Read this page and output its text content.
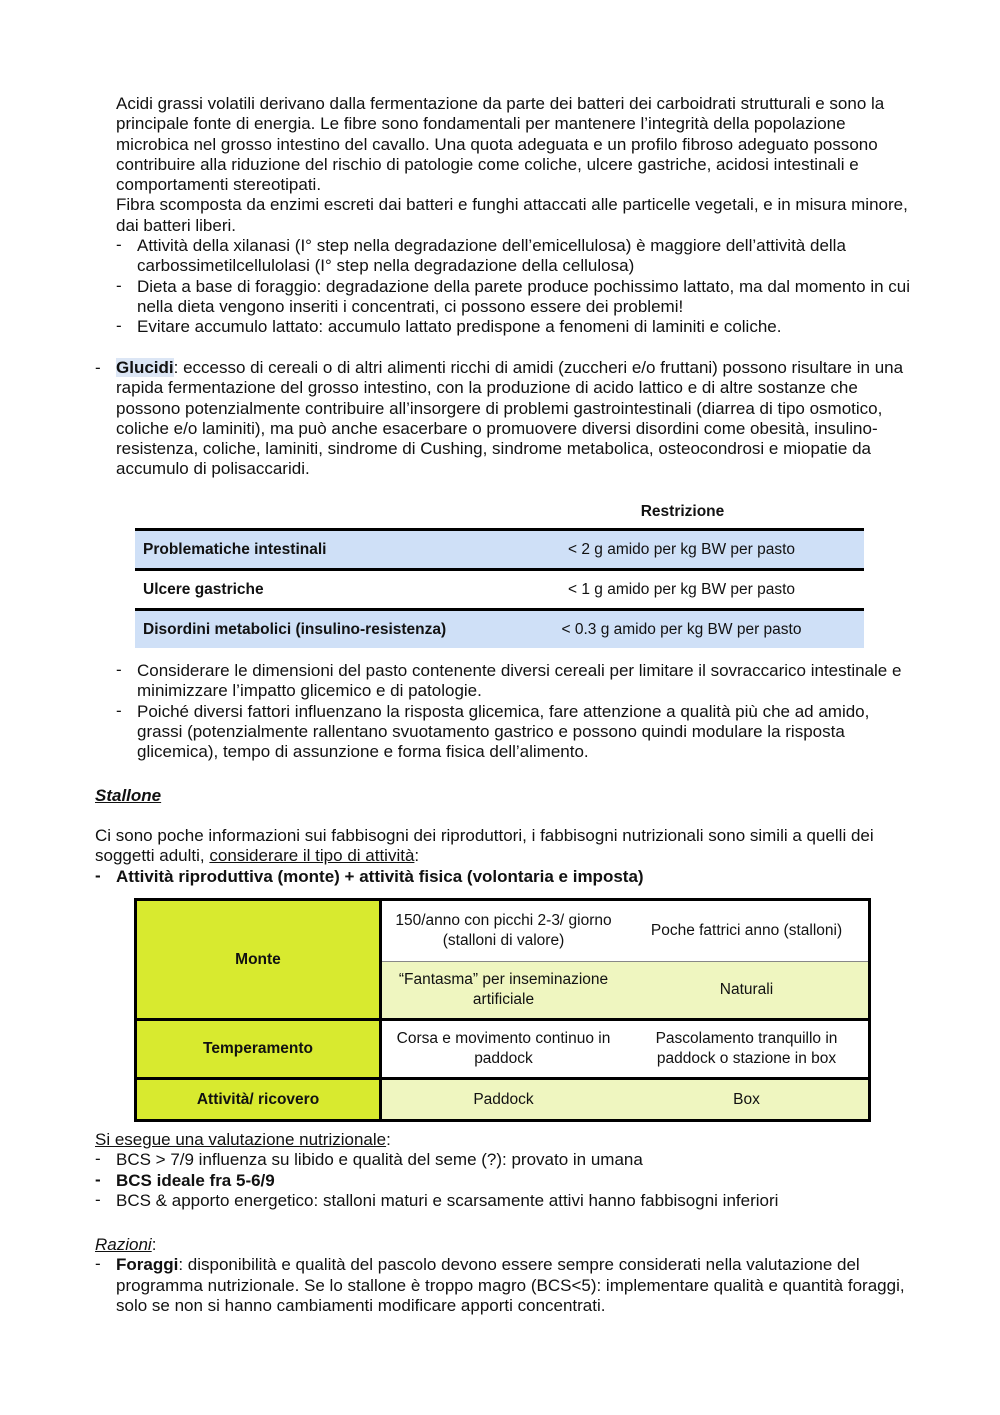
Acidi grassi volatili derivano dalla fermentazione da parte dei batteri dei carboidrati strutturali e sono la principale fonte di energia. Le fibre sono fondamentali per mantenere l’integrità della popolazione microbica nel grosso intestino del cavallo. Una quota adeguata e un profilo fibroso adeguato possono contribuire alla riduzione del rischio di patologie come coliche, ulcere gastriche, acidosi intestinali e comportamenti stereotipati.

Fibra scomposta da enzimi escreti dai batteri e funghi attaccati alle particelle vegetali, e in misura minore, dai batteri liberi.

- Attività della xilanasi (I° step nella degradazione dell’emicellulosa) è maggiore dell’attività della carbossimetilcellulolasi (I° step nella degradazione della cellulosa)
- Dieta a base di foraggio: degradazione della parete produce pochissimo lattato, ma dal momento in cui nella dieta vengono inseriti i concentrati, ci possono essere dei problemi!
- Evitare accumulo lattato: accumulo lattato predispone a fenomeni di laminiti e coliche.
- Glucidi: eccesso di cereali o di altri alimenti ricchi di amidi (zuccheri e/o fruttani) possono risultare in una rapida fermentazione del grosso intestino, con la produzione di acido lattico e di altre sostanze che possono potenzialmente contribuire all’insorgere di problemi gastrointestinali (diarrea di tipo osmotico, coliche e/o laminiti), ma può anche esacerbare o promuovere diversi disordini come obesità, insulino-resistenza, coliche, laminiti, sindrome di Cushing, sindrome metabolica, osteocondrosi e miopatie da accumulo di polisaccaridi.

Restrizione
Problematiche intestinali	< 2 g amido per kg BW per pasto
Ulcere gastriche	< 1 g amido per kg BW per pasto
Disordini metabolici (insulino-resistenza)	< 0.3 g amido per kg BW per pasto
- Considerare le dimensioni del pasto contenente diversi cereali per limitare il sovraccarico intestinale e minimizzare l’impatto glicemico e di patologie.
- Poiché diversi fattori influenzano la risposta glicemica, fare attenzione a qualità più che ad amido, grassi (potenzialmente rallentano svuotamento gastrico e possono quindi modulare la risposta glicemica), tempo di assunzione e forma fisica dell’alimento.
Stallone

Ci sono poche informazioni sui fabbisogni dei riproduttori, i fabbisogni nutrizionali sono simili a quelli dei soggetti adulti, considerare il tipo di attività:

- Attività riproduttiva (monte) + attività fisica (volontaria e imposta)

Monte	150/anno con picchi 2-3/ giorno (stalloni di valore)	Poche fattrici anno (stalloni)
	“Fantasma” per inseminazione artificiale	Naturali
Temperamento	Corsa e movimento continuo in paddock	Pascolamento tranquillo in paddock o stazione in box
Attività/ ricovero	Paddock	Box

Si esegue una valutazione nutrizionale:

- BCS > 7/9 influenza su libido e qualità del seme (?): provato in umana
- BCS ideale fra 5-6/9
- BCS & apporto energetico: stalloni maturi e scarsamente attivi hanno fabbisogni inferiori

Razioni:

- Foraggi: disponibilità e qualità del pascolo devono essere sempre considerati nella valutazione del programma nutrizionale. Se lo stallone è troppo magro (BCS<5): implementare qualità e quantità foraggi, solo se non si hanno cambiamenti modificare apporti concentrati.
